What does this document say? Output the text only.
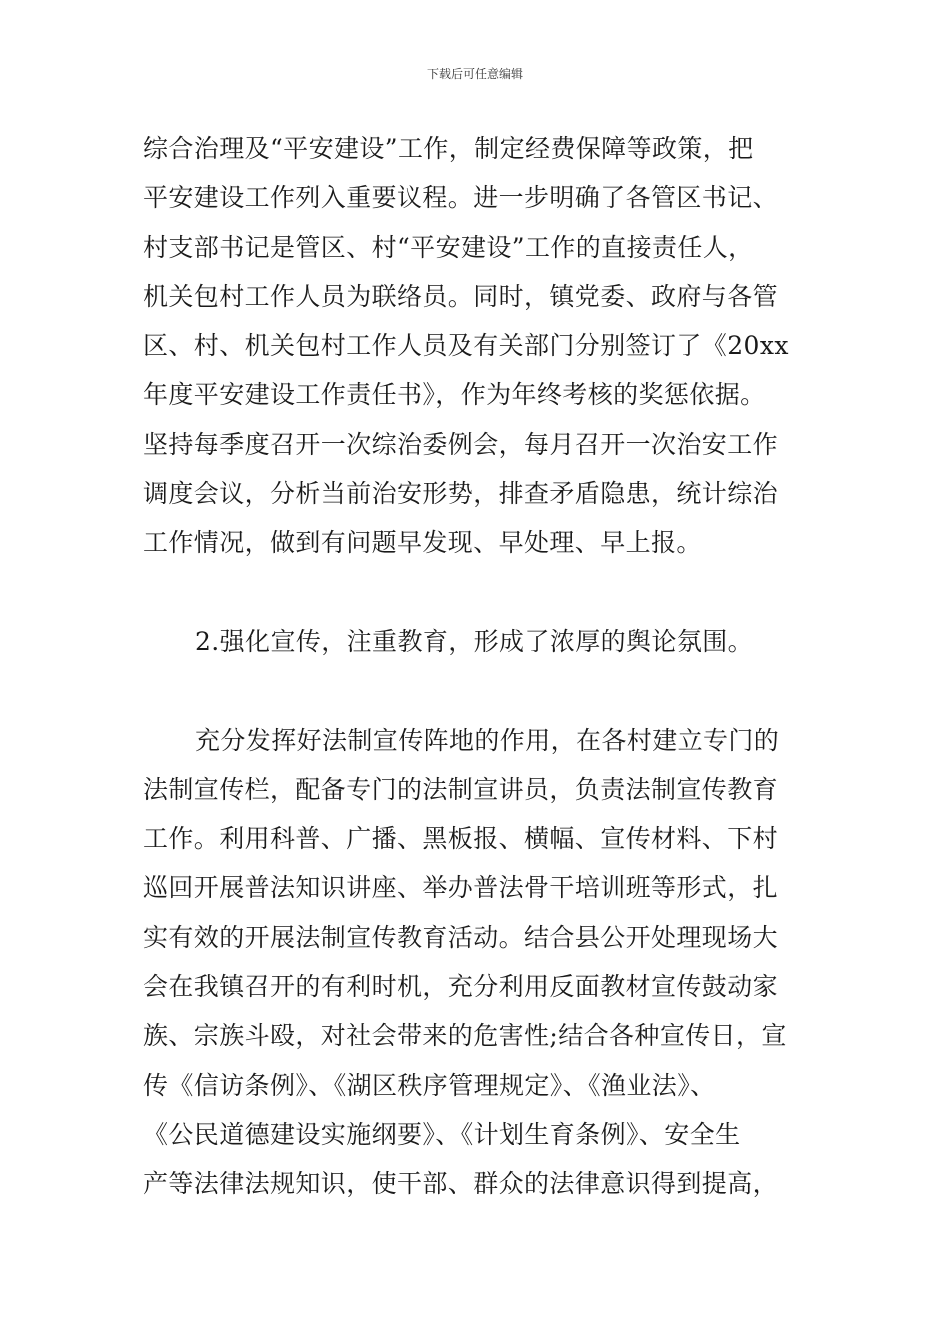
下载后可任意编辑
综合治理及“平安建设”工作，制定经费保障等政策，把
平安建设工作列入重要议程。进一步明确了各管区书记、
村支部书记是管区、村“平安建设”工作的直接责任人，
机关包村工作人员为联络员。同时，镇党委、政府与各管
区、村、机关包村工作人员及有关部门分别签订了《20xx
年度平安建设工作责任书》，作为年终考核的奖惩依据。
坚持每季度召开一次综治委例会，每月召开一次治安工作
调度会议，分析当前治安形势，排查矛盾隐患，统计综治
工作情况，做到有问题早发现、早处理、早上报。
2.强化宣传，注重教育，形成了浓厚的舆论氛围。
充分发挥好法制宣传阵地的作用，在各村建立专门的
法制宣传栏，配备专门的法制宣讲员，负责法制宣传教育
工作。利用科普、广播、黑板报、横幅、宣传材料、下村
巡回开展普法知识讲座、举办普法骨干培训班等形式，扎
实有效的开展法制宣传教育活动。结合县公开处理现场大
会在我镇召开的有利时机，充分利用反面教材宣传鼓动家
族、宗族斗殴，对社会带来的危害性;结合各种宣传日，宣
传《信访条例》、《湖区秩序管理规定》、《渔业法》、
《公民道德建设实施纲要》、《计划生育条例》、安全生
产等法律法规知识，使干部、群众的法律意识得到提高，
